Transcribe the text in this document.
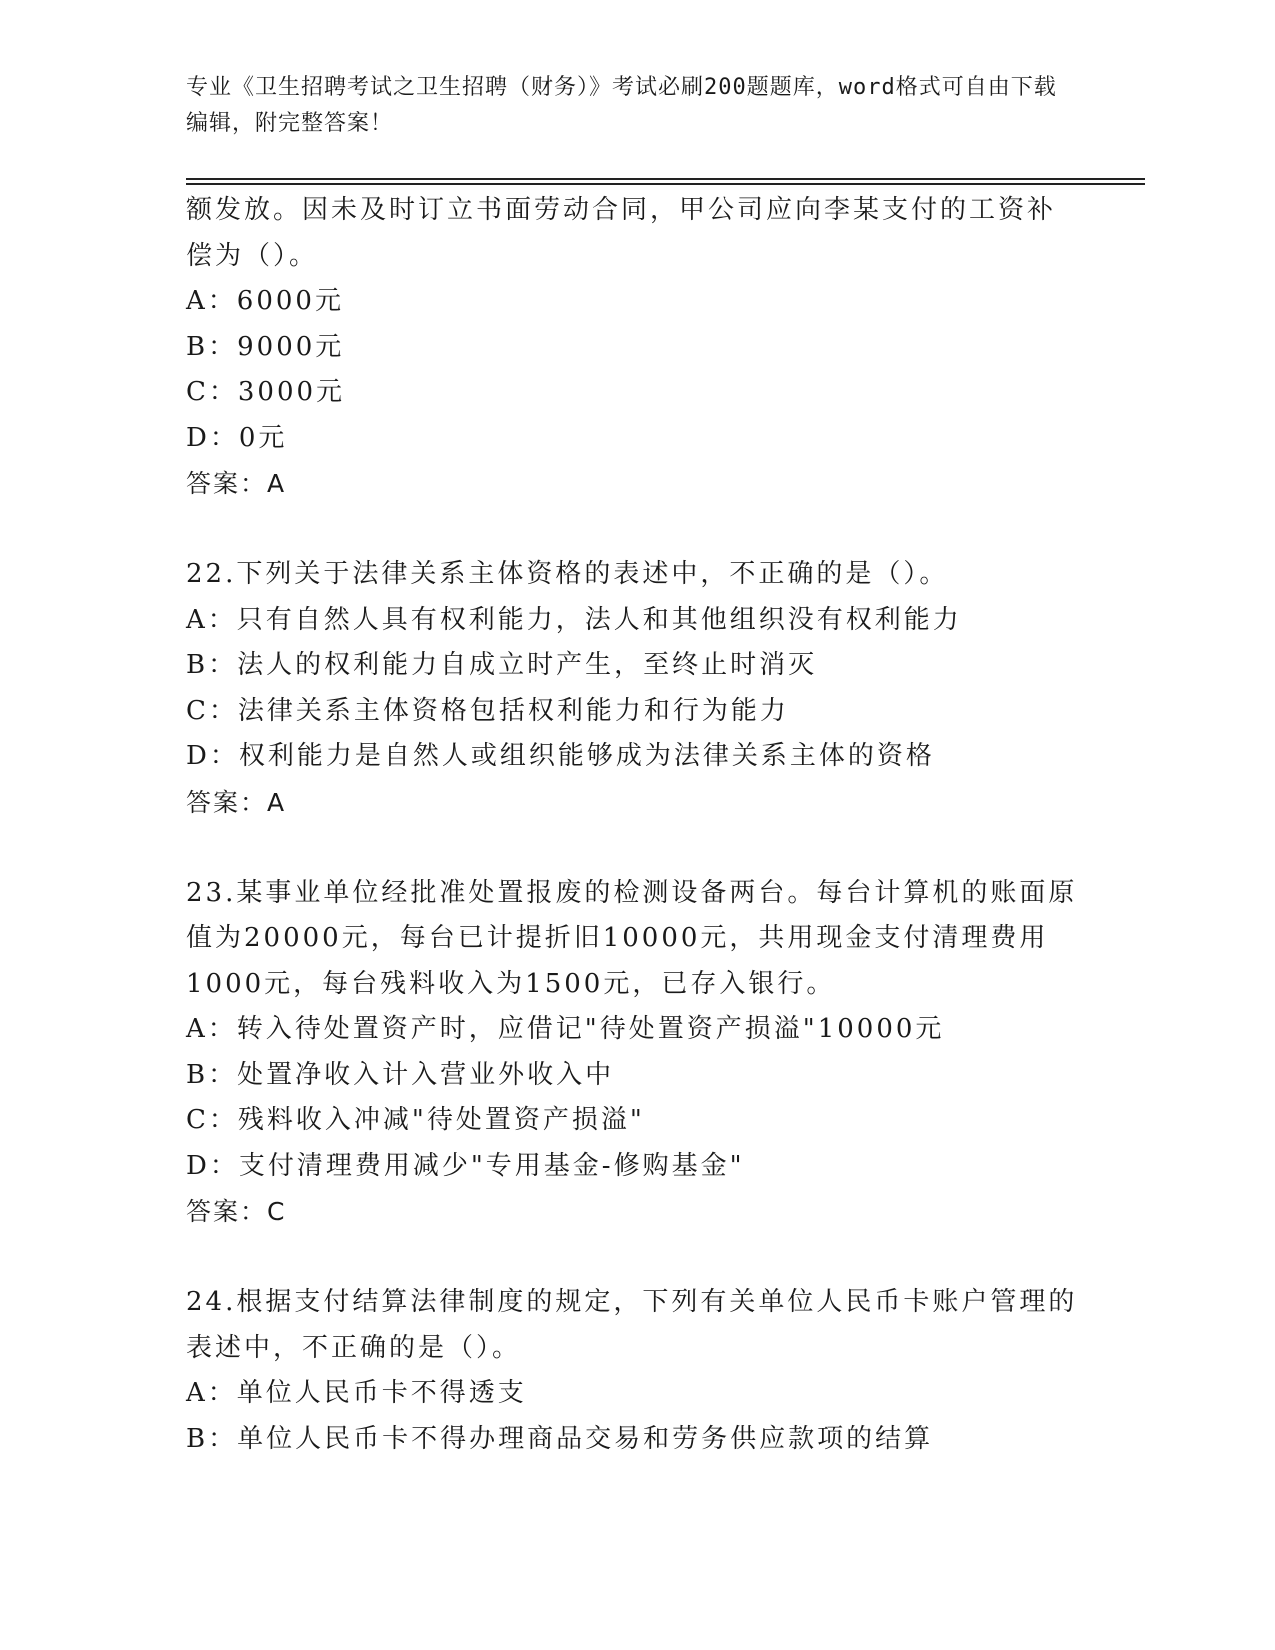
专业《卫生招聘考试之卫生招聘（财务）》考试必刷200题题库，word格式可自由下载编辑，附完整答案！
额发放。因未及时订立书面劳动合同，甲公司应向李某支付的工资补
偿为（）。
A：6000元
B：9000元
C：3000元
D：0元
答案：A
22.下列关于法律关系主体资格的表述中，不正确的是（）。
A：只有自然人具有权利能力，法人和其他组织没有权利能力
B：法人的权利能力自成立时产生，至终止时消灭
C：法律关系主体资格包括权利能力和行为能力
D：权利能力是自然人或组织能够成为法律关系主体的资格
答案：A
23.某事业单位经批准处置报废的检测设备两台。每台计算机的账面原
值为20000元，每台已计提折旧10000元，共用现金支付清理费用
1000元，每台残料收入为1500元，已存入银行。
A：转入待处置资产时，应借记"待处置资产损溢"10000元
B：处置净收入计入营业外收入中
C：残料收入冲减"待处置资产损溢"
D：支付清理费用减少"专用基金-修购基金"
答案：C
24.根据支付结算法律制度的规定，下列有关单位人民币卡账户管理的
表述中，不正确的是（）。
A：单位人民币卡不得透支
B：单位人民币卡不得办理商品交易和劳务供应款项的结算
